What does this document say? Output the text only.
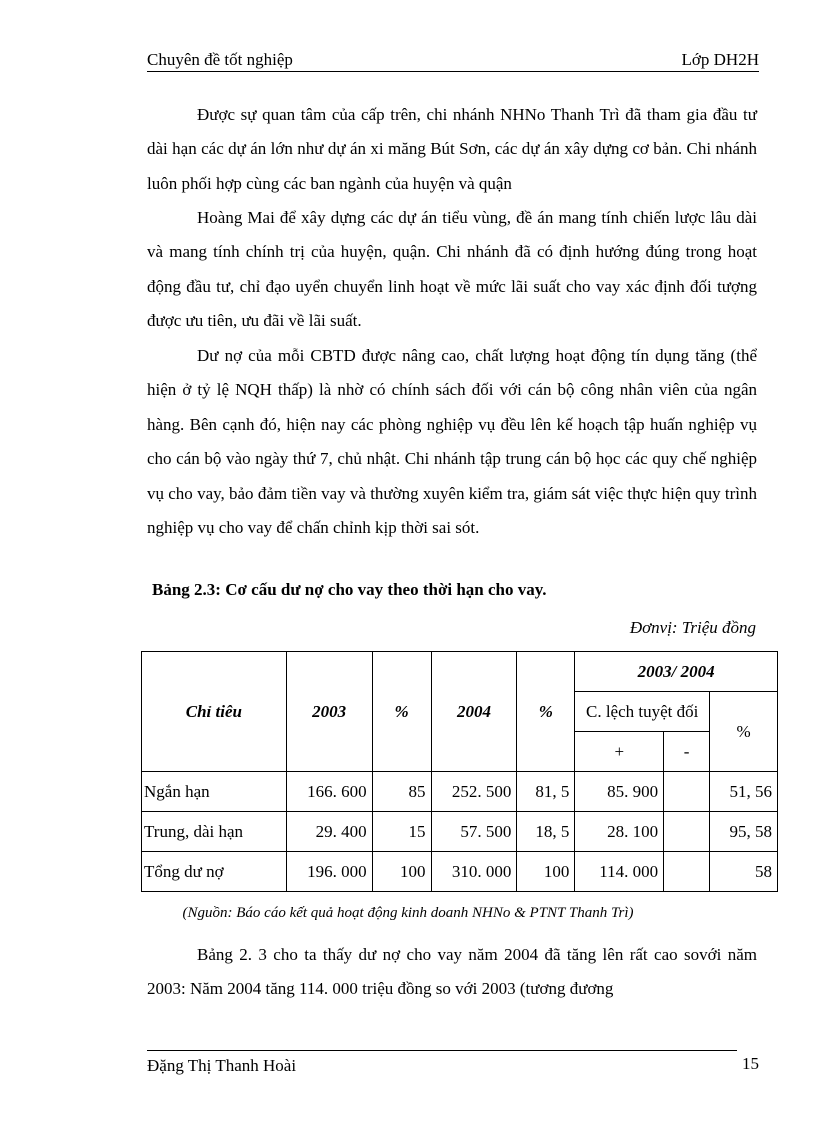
Chuyên đề tốt nghiệp	Lớp DH2H

Được sự quan tâm của cấp trên, chi nhánh NHNo Thanh Trì đã tham gia đầu tư dài hạn các dự án lớn như dự án xi măng Bút Sơn, các dự án xây dựng cơ bản. Chi nhánh luôn phối hợp cùng các ban ngành của huyện và quận

Hoàng Mai để xây dựng các dự án tiểu vùng, đề án mang tính chiến lược lâu dài và mang tính chính trị của huyện, quận. Chi nhánh đã có định hướng đúng trong hoạt động đầu tư, chỉ đạo uyển chuyển linh hoạt về mức lãi suất cho vay xác định đối tượng được ưu tiên, ưu đãi về lãi suất.

Dư nợ của mỗi CBTD được nâng cao, chất lượng hoạt động tín dụng tăng (thể hiện ở tỷ lệ NQH thấp) là nhờ có chính sách đối với cán bộ công nhân viên của ngân hàng. Bên cạnh đó, hiện nay các phòng nghiệp vụ đều lên kế hoạch tập huấn nghiệp vụ cho cán bộ vào ngày thứ 7, chủ nhật. Chi nhánh tập trung cán bộ học các quy chế nghiệp vụ cho vay, bảo đảm tiền vay và thường xuyên kiểm tra, giám sát việc thực hiện quy trình nghiệp vụ cho vay để chấn chỉnh kịp thời sai sót.

Bảng 2.3: Cơ cấu dư nợ cho vay theo thời hạn cho vay.
Đơnvị: Triệu đồng
Chỉ tiêu	2003	%	2004	%	2003/ 2004		
					C. lệch tuyệt đối		%
					+	-	
Ngắn hạn	166. 600	85	252. 500	81, 5	85. 900		51, 56
Trung, dài hạn	29. 400	15	57. 500	18, 5	28. 100		95, 58
Tổng dư nợ	196. 000	100	310. 000	100	114. 000		58
(Nguồn: Báo cáo kết quả hoạt động kinh doanh NHNo & PTNT Thanh Trì)

Bảng 2. 3 cho ta thấy dư nợ cho vay năm 2004 đã tăng lên rất cao sovới năm 2003: Năm 2004 tăng 114. 000 triệu đồng so với 2003 (tương đương

Đặng Thị Thanh Hoài	15
